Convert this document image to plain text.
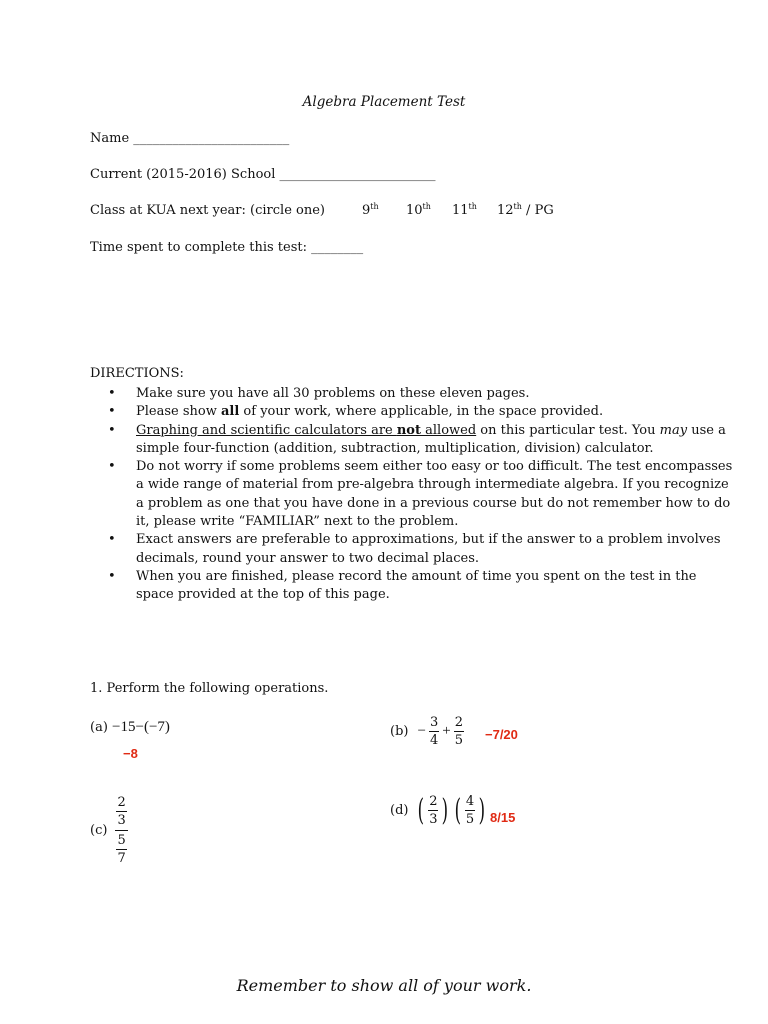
Algebra Placement Test
Name ________________________
Current (2015-2016) School ________________________
Class at KUA next year: (circle one)	9th 10th 11th 12th / PG
Time spent to complete this test: ________
DIRECTIONS:
• Make sure you have all 30 problems on these eleven pages.
• Please show all of your work, where applicable, in the space provided.
• Graphing and scientific calculators are not allowed on this particular test. You may use a simple four-function (addition, subtraction, multiplication, division) calculator.
• Do not worry if some problems seem either too easy or too difficult. The test encompasses a wide range of material from pre-algebra through intermediate algebra. If you recognize a problem as one that you have done in a previous course but do not remember how to do it, please write “FAMILIAR” next to the problem.
• Exact answers are preferable to approximations, but if the answer to a problem involves decimals, round your answer to two decimal places.
• When you are finished, please record the amount of time you spent on the test in the space provided at the top of this page.
1. Perform the following operations.
(a) −15−(−7)
−8
$(b) - \frac{3}{4} + \frac{2}{5} -7/20$
$(c) \frac{\frac{2}{3}}{\frac{5}{7}}$	(d) ( $\frac{2}{3}$ ) ( $\frac{4}{5}$ ) 8/15
Remember to show all of your work.
